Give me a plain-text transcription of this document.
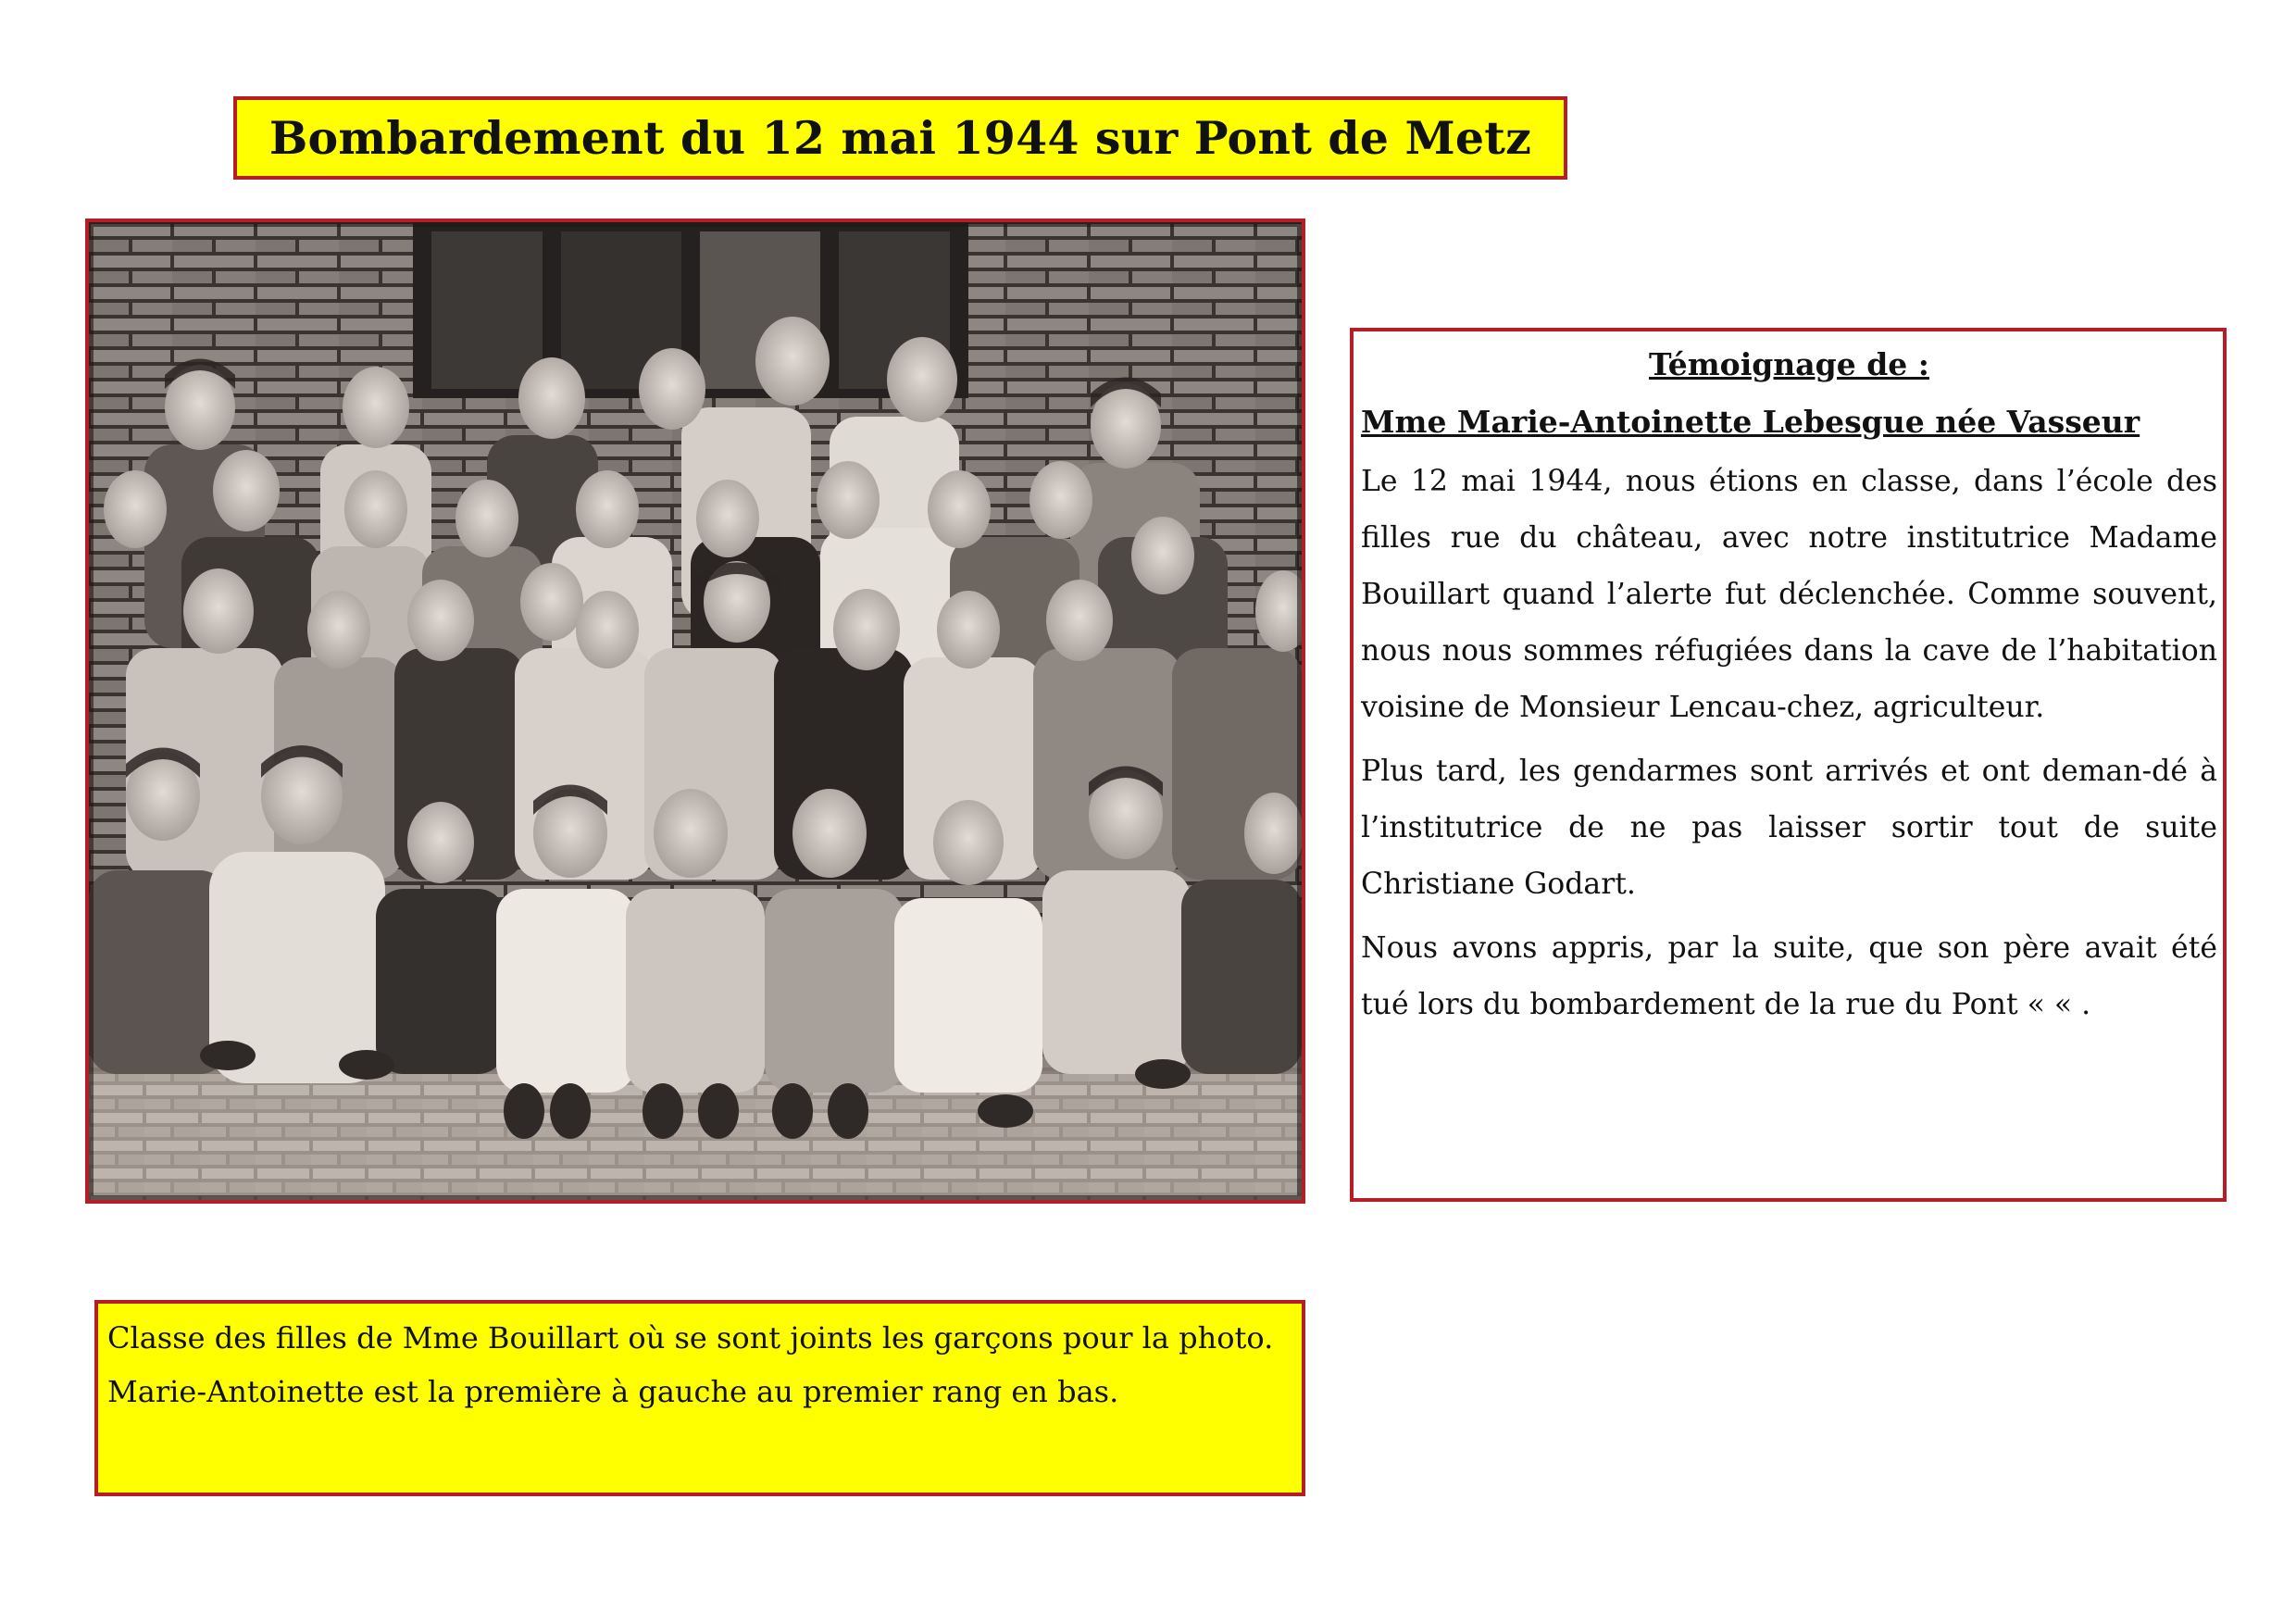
Bombardement du 12 mai 1944 sur Pont de Metz

Témoignage de :

Mme Marie-Antoinette Lebesgue née Vasseur

Le 12 mai 1944, nous étions en classe, dans l’école des filles rue du château, avec notre institutrice Madame Bouillart quand l’alerte fut déclenchée. Comme souvent, nous nous sommes réfugiées dans la cave de l’habitation voisine de Monsieur Lencau-chez, agriculteur.

Plus tard, les gendarmes sont arrivés et ont deman-dé à l’institutrice de ne pas laisser sortir tout de suite Christiane Godart.

Nous avons appris, par la suite, que son père avait été tué lors du bombardement de la rue du Pont « « .

Classe des filles de Mme Bouillart où se sont joints les garçons pour la photo. Marie-Antoinette est la première à gauche au premier rang en bas.
